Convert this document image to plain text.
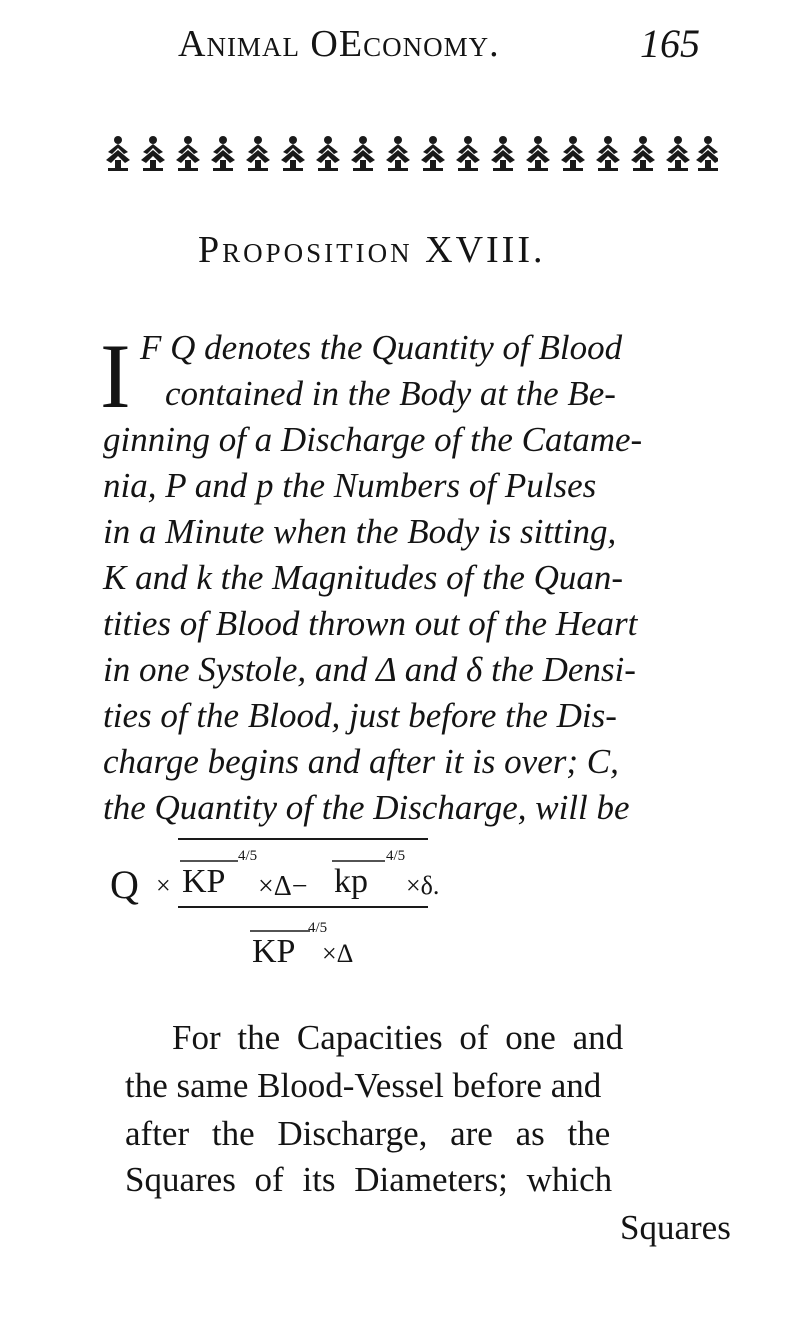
Animal OEconomy.	165
Proposition XVIII.
I F Q denotes the Quantity of Blood
contained in the Body at the Be-
ginning of a Discharge of the Catame-
nia, P and p the Numbers of Pulses
in a Minute when the Body is sitting,
K and k the Magnitudes of the Quan-
tities of Blood thrown out of the Heart
in one Systole, and Δ and δ the Densi-
ties of the Blood, just before the Dis-
charge begins and after it is over; C,
the Quantity of the Discharge, will be
Q × KP
4/5
×Δ− kp
4/5
×δ.
KP
4/5
×Δ
For the Capacities of one and
the same Blood-Vessel before and
after the Discharge, are as the
Squares of its Diameters; which
Squares
